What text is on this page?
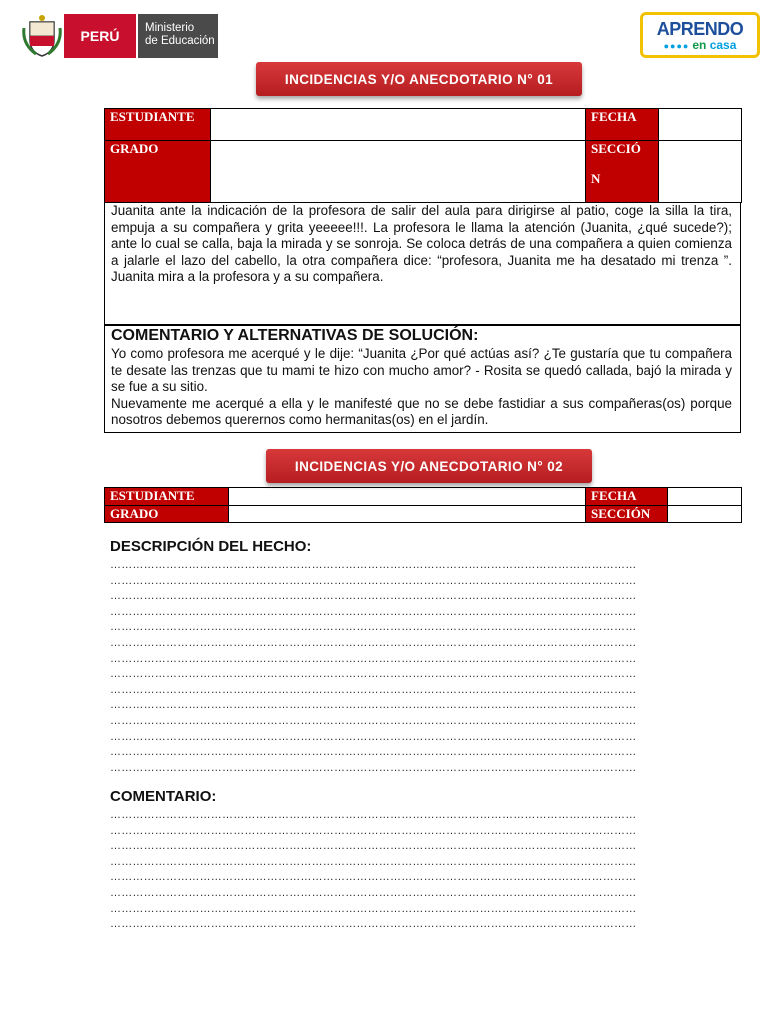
PERÚ	Ministerio
de Educación
APRENDO
●●●● en casa
INCIDENCIAS Y/O ANECDOTARIO N° 01
ESTUDIANTE		FECHA	
GRADO		SECCIÓ
N	

Juanita ante la indicación de la profesora de salir del aula para dirigirse al patio, coge la silla la tira, empuja a su compañera y grita yeeeee!!!. La profesora le llama la atención (Juanita, ¿qué sucede?); ante lo cual se calla, baja la mirada y se sonroja. Se coloca detrás de una compañera a quien comienza a jalarle el lazo del cabello, la otra compañera dice: “profesora, Juanita me ha desatado mi trenza ”. Juanita mira a la profesora y a su compañera.
COMENTARIO Y ALTERNATIVAS DE SOLUCIÓN:

Yo como profesora me acerqué y le dije: “Juanita ¿Por qué actúas así? ¿Te gustaría que tu compañera te desate las trenzas que tu mami te hizo con mucho amor? - Rosita se quedó callada, bajó la mirada y se fue a su sitio.

Nuevamente me acerqué a ella y le manifesté que no se debe fastidiar a sus compañeras(os) porque nosotros debemos querernos como hermanitas(os) en el jardín.

INCIDENCIAS Y/O ANECDOTARIO N° 02
ESTUDIANTE		FECHA	
GRADO		SECCIÓN	
DESCRIPCIÓN DEL HECHO:
……………………………………………………………………………………………………………………………
……………………………………………………………………………………………………………………………
……………………………………………………………………………………………………………………………
……………………………………………………………………………………………………………………………
……………………………………………………………………………………………………………………………
……………………………………………………………………………………………………………………………
……………………………………………………………………………………………………………………………
……………………………………………………………………………………………………………………………
……………………………………………………………………………………………………………………………
……………………………………………………………………………………………………………………………
……………………………………………………………………………………………………………………………
……………………………………………………………………………………………………………………………
……………………………………………………………………………………………………………………………
……………………………………………………………………………………………………………………………
COMENTARIO:
……………………………………………………………………………………………………………………………
……………………………………………………………………………………………………………………………
……………………………………………………………………………………………………………………………
……………………………………………………………………………………………………………………………
……………………………………………………………………………………………………………………………
……………………………………………………………………………………………………………………………
……………………………………………………………………………………………………………………………
……………………………………………………………………………………………………………………………
